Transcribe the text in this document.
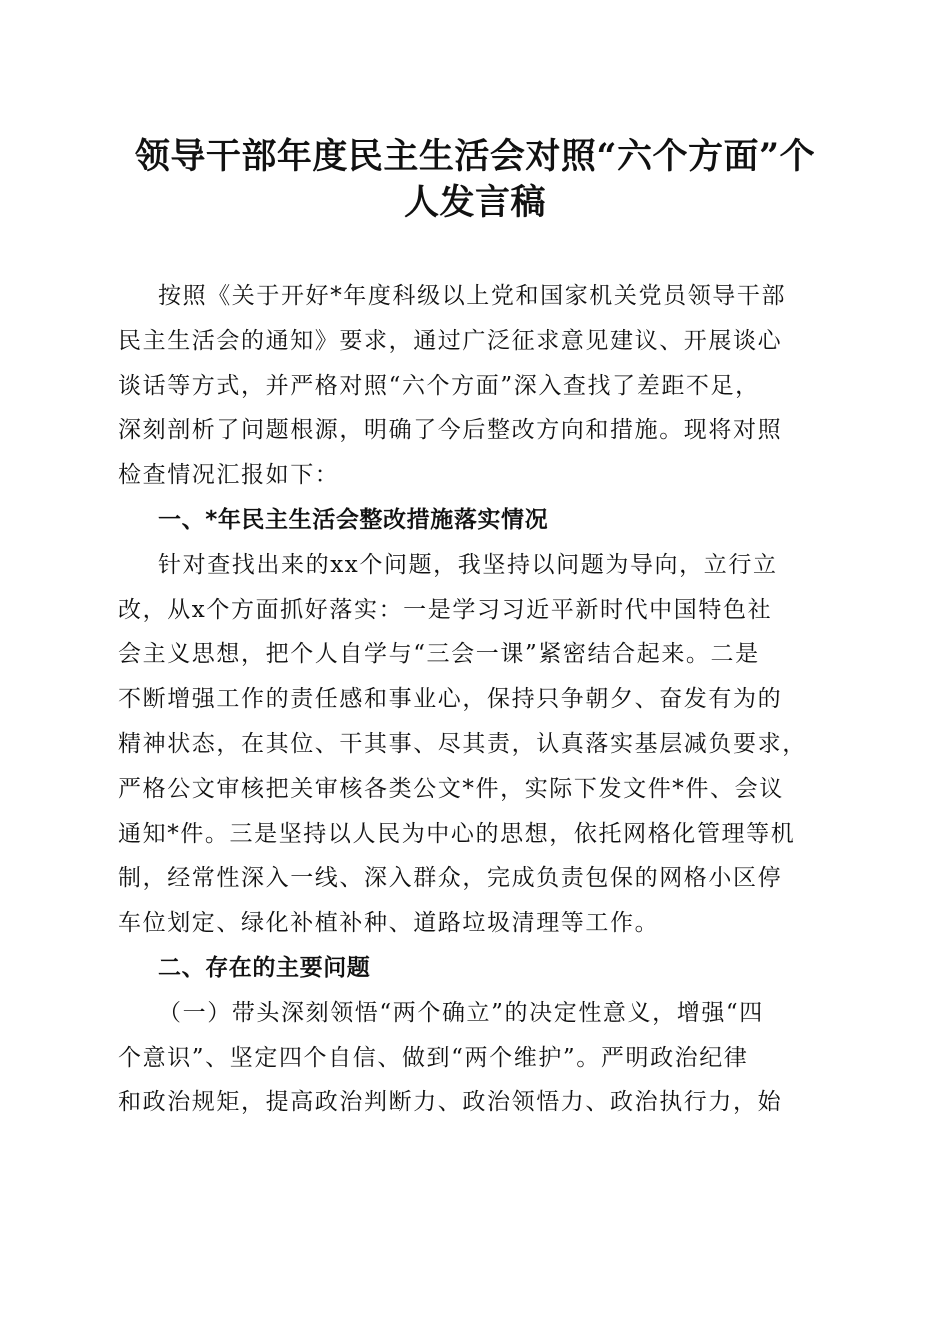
领导干部年度民主生活会对照“六个方面”个
人发言稿
按照《关于开好*年度科级以上党和国家机关党员领导干部
民主生活会的通知》要求，通过广泛征求意见建议、开展谈心
谈话等方式，并严格对照“六个方面”深入查找了差距不足，
深刻剖析了问题根源，明确了今后整改方向和措施。现将对照
检查情况汇报如下：
一、*年民主生活会整改措施落实情况
针对查找出来的xx个问题，我坚持以问题为导向，立行立
改，从x个方面抓好落实：一是学习习近平新时代中国特色社
会主义思想，把个人自学与“三会一课”紧密结合起来。二是
不断增强工作的责任感和事业心，保持只争朝夕、奋发有为的
精神状态，在其位、干其事、尽其责，认真落实基层减负要求，
严格公文审核把关审核各类公文*件，实际下发文件*件、会议
通知*件。三是坚持以人民为中心的思想，依托网格化管理等机
制，经常性深入一线、深入群众，完成负责包保的网格小区停
车位划定、绿化补植补种、道路垃圾清理等工作。
二、存在的主要问题
（一）带头深刻领悟“两个确立”的决定性意义，增强“四
个意识”、坚定四个自信、做到“两个维护”。严明政治纪律
和政治规矩，提高政治判断力、政治领悟力、政治执行力，始
